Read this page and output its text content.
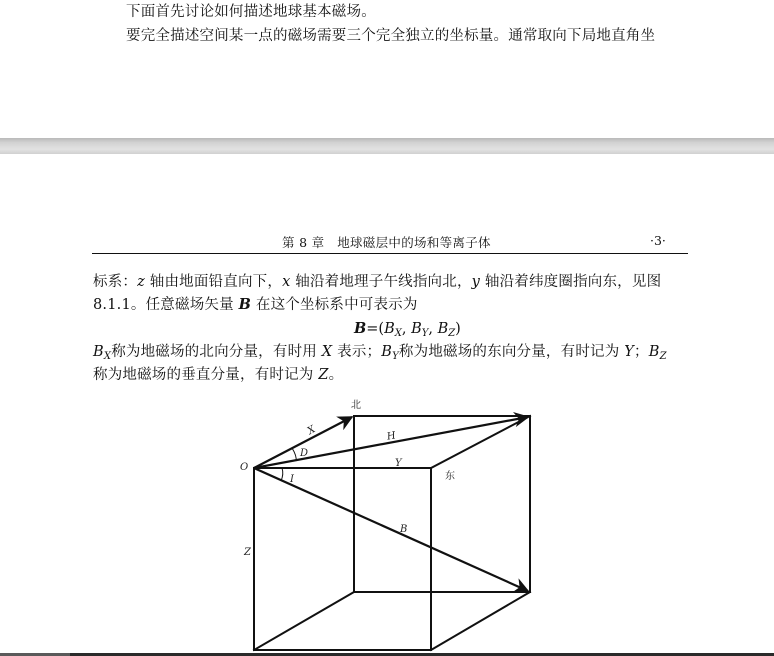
下面首先讨论如何描述地球基本磁场。
要完全描述空间某一点的磁场需要三个完全独立的坐标量。通常取向下局地直角坐
第 8 章　地球磁层中的场和等离子体	·3·
标系：z 轴由地面铅直向下，x 轴沿着地理子午线指向北，y 轴沿着纬度圈指向东，见图
8.1.1。任意磁场矢量 B 在这个坐标系中可表示为
$B=(B_X$, $B_Y$, $B_Z$)
$B_X$称为地磁场的北向分量，有时用 X 表示；$B_Y$称为地磁场的东向分量，有时记为 Y；$B_Z$
称为地磁场的垂直分量，有时记为 Z。
北
东
O
X
D
H
Y
I
B
Z
